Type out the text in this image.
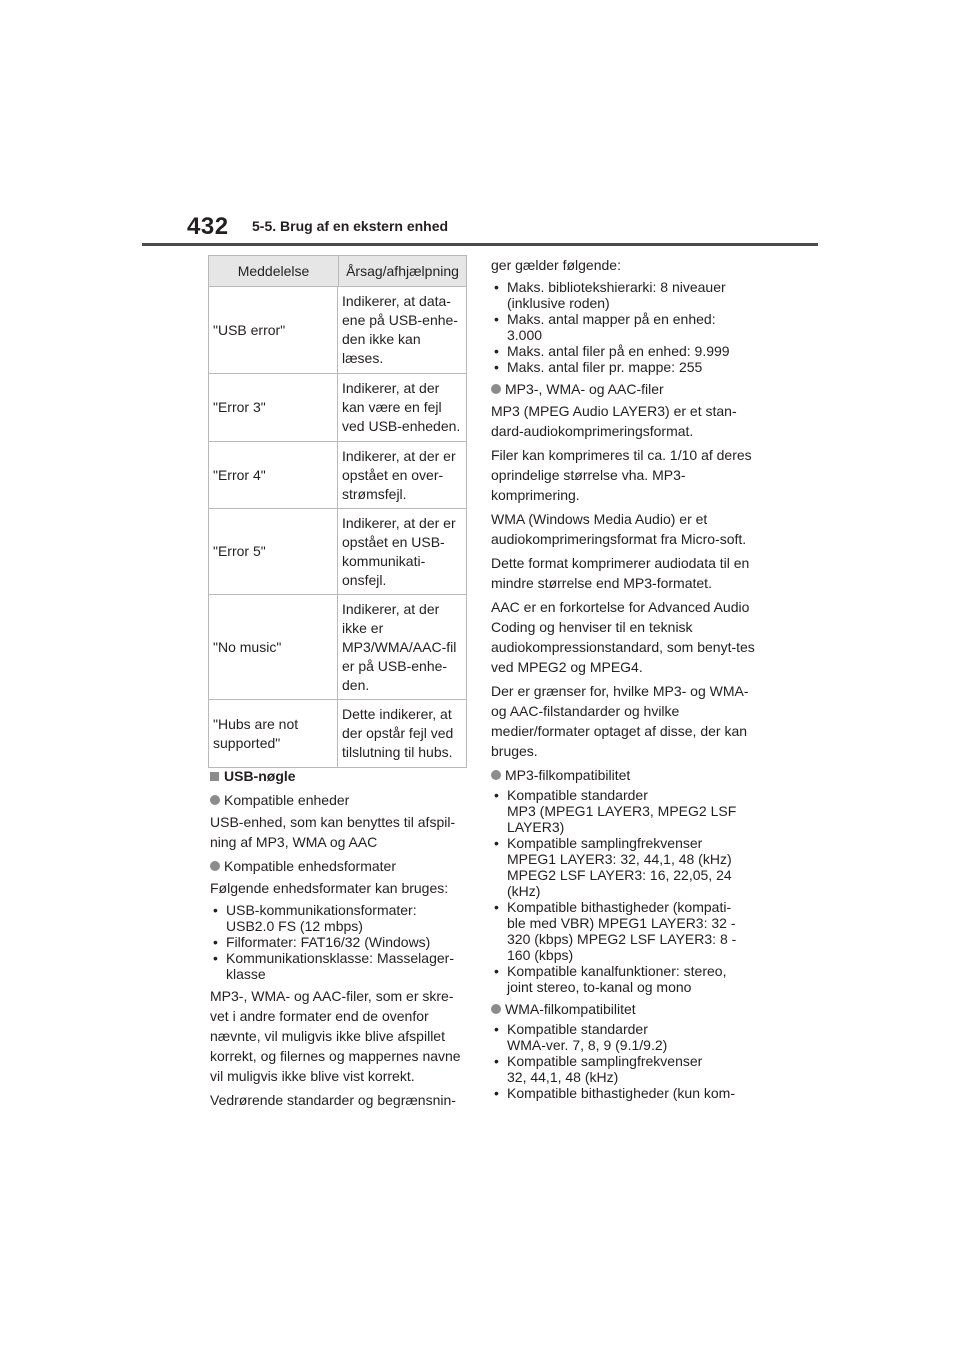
432 5-5. Brug af en ekstern enhed
Meddelelse	Årsag/afhjælpning
"USB error"
Indikerer, at data-ene på USB-enhe-den ikke kan læses.
"Error 3"
Indikerer, at der kan være en fejl ved USB-enheden.
"Error 4"
Indikerer, at der er opstået en over-strømsfejl.
"Error 5"
Indikerer, at der er opstået en USB-kommunikati-onsfejl.
"No music"
Indikerer, at der ikke er MP3/WMA/AAC-fil er på USB-enhe-den.
"Hubs are not supported"
Dette indikerer, at der opstår fejl ved tilslutning til hubs.
USB-nøgle
Kompatible enheder

USB-enhed, som kan benyttes til afspil-ning af MP3, WMA og AAC

Kompatible enhedsformater

Følgende enhedsformater kan bruges:

• USB-kommunikationsformater:
USB2.0 FS (12 mbps)
• Filformater: FAT16/32 (Windows)
• Kommunikationsklasse: Masselager-
klasse

MP3-, WMA- og AAC-filer, som er skre-vet i andre formater end de ovenfor nævnte, vil muligvis ikke blive afspillet korrekt, og filernes og mappernes navne vil muligvis ikke blive vist korrekt.

Vedrørende standarder og begrænsnin-

ger gælder følgende:

• Maks. bibliotekshierarki: 8 niveauer
(inklusive roden)
• Maks. antal mapper på en enhed:
3.000
• Maks. antal filer på en enhed: 9.999
• Maks. antal filer pr. mappe: 255
MP3-, WMA- og AAC-filer

MP3 (MPEG Audio LAYER3) er et stan-dard-audiokomprimeringsformat.

Filer kan komprimeres til ca. 1/10 af deres oprindelige størrelse vha. MP3-komprimering.

WMA (Windows Media Audio) er et audiokomprimeringsformat fra Micro-soft.

Dette format komprimerer audiodata til en mindre størrelse end MP3-formatet.

AAC er en forkortelse for Advanced Audio Coding og henviser til en teknisk audiokompressionstandard, som benyt-tes ved MPEG2 og MPEG4.

Der er grænser for, hvilke MP3- og WMA- og AAC-filstandarder og hvilke medier/formater optaget af disse, der kan bruges.

MP3-filkompatibilitet
• Kompatible standarder
MP3 (MPEG1 LAYER3, MPEG2 LSF LAYER3)
• Kompatible samplingfrekvenser
MPEG1 LAYER3: 32, 44,1, 48 (kHz) MPEG2 LSF LAYER3: 16, 22,05, 24 (kHz)
• Kompatible bithastigheder (kompati-
ble med VBR) MPEG1 LAYER3: 32 - 320 (kbps) MPEG2 LSF LAYER3: 8 - 160 (kbps)
• Kompatible kanalfunktioner: stereo,
joint stereo, to-kanal og mono
WMA-filkompatibilitet
• Kompatible standarder
WMA-ver. 7, 8, 9 (9.1/9.2)
• Kompatible samplingfrekvenser
32, 44,1, 48 (kHz)
• Kompatible bithastigheder (kun kom-
